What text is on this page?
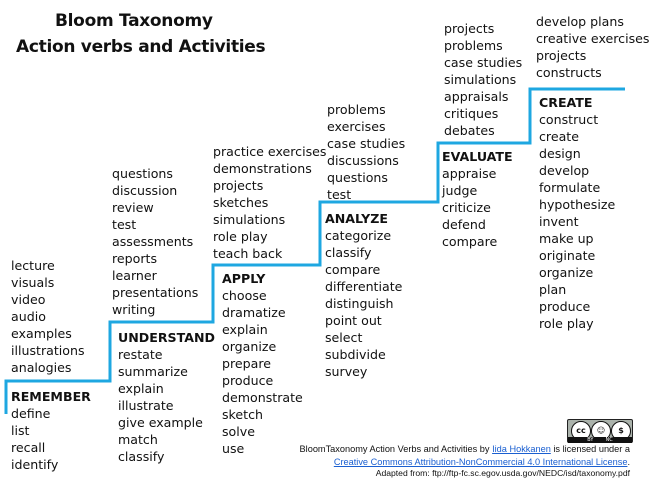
Bloom Taxonomy
Action verbs and Activities
lecture
visuals
video
audio
examples
illustrations
analogies
REMEMBER
define
list
recall
identify
questions
discussion
review
test
assessments
reports
learner
presentations
writing
UNDERSTAND
restate
summarize
explain
illustrate
give example
match
classify
practice exercises
demonstrations
projects
sketches
simulations
role play
teach back
APPLY
choose
dramatize
explain
organize
prepare
produce
demonstrate
sketch
solve
use
problems
exercises
case studies
discussions
questions
test
ANALYZE
categorize
classify
compare
differentiate
distinguish
point out
select
subdivide
survey
projects
problems
case studies
simulations
appraisals
critiques
debates
EVALUATE
appraise
judge
criticize
defend
compare
develop plans
creative exercises
projects
constructs
CREATE
construct
create
design
develop
formulate
hypothesize
invent
make up
originate
organize
plan
produce
role play
cc	☺	$
BY NC
BloomTaxonomy Action Verbs and Activities by Iida Hokkanen is licensed under a
Creative Commons Attribution-NonCommercial 4.0 International License.
Adapted from: ftp://ftp-fc.sc.egov.usda.gov/NEDC/isd/taxonomy.pdf
